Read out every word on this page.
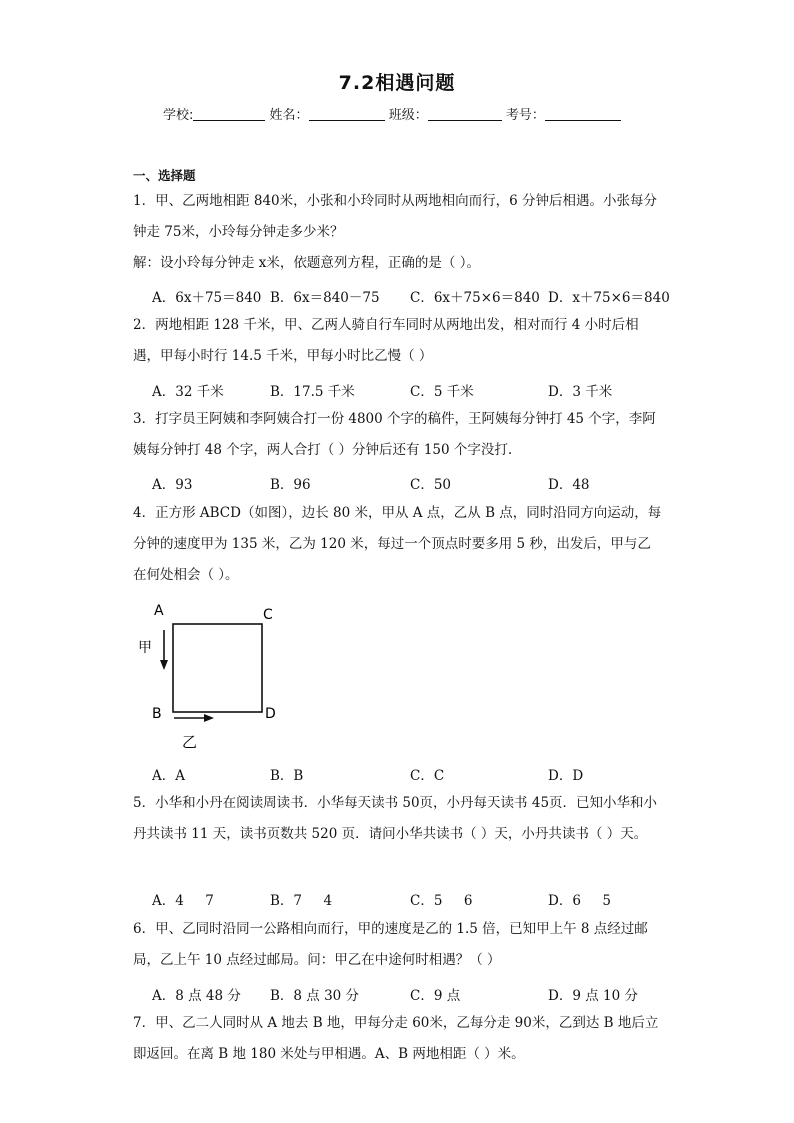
7.2相遇问题
学校:	姓名：	班级：	考号：
一、选择题
1．甲、乙两地相距 840米，小张和小玲同时从两地相向而行，6 分钟后相遇。小张每分钟走 75米，小玲每分钟走多少米？
解：设小玲每分钟走 x米，依题意列方程，正确的是（ ）。
A．6x＋75＝840 B．6x＝840－75 C．6x＋75×6＝840 D．x＋75×6＝840
2．两地相距 128 千米，甲、乙两人骑自行车同时从两地出发，相对而行 4 小时后相遇，甲每小时行 14.5 千米，甲每小时比乙慢（ ）
A．32 千米	B．17.5 千米	C．5 千米	D．3 千米
3．打字员王阿姨和李阿姨合打一份 4800 个字的稿件，王阿姨每分钟打 45 个字，李阿姨每分钟打 48 个字，两人合打（ ）分钟后还有 150 个字没打.
A．93	B．96	C．50	D．48
4．正方形 ABCD（如图），边长 80 米，甲从 A 点，乙从 B 点，同时沿同方向运动，每分钟的速度甲为 135 米，乙为 120 米，每过一个顶点时要多用 5 秒，出发后，甲与乙在何处相会（ ）。
A	C
B	D
甲
乙
A．A	B．B	C．C	D．D
5．小华和小丹在阅读周读书．小华每天读书 50页，小丹每天读书 45页．已知小华和小丹共读书 11 天，读书页数共 520 页．请问小华共读书（ ）天，小丹共读书（ ）天。
A．4     7	B．7     4	C．5     6	D．6     5
6．甲、乙同时沿同一公路相向而行，甲的速度是乙的 1.5 倍，已知甲上午 8 点经过邮局，乙上午 10 点经过邮局。问：甲乙在中途何时相遇？（ ）
A．8 点 48 分 B．8 点 30 分	C．9 点	D．9 点 10 分
7．甲、乙二人同时从 A 地去 B 地，甲每分走 60米，乙每分走 90米，乙到达 B 地后立即返回。在离 B 地 180 米处与甲相遇。A、B 两地相距（ ）米。
